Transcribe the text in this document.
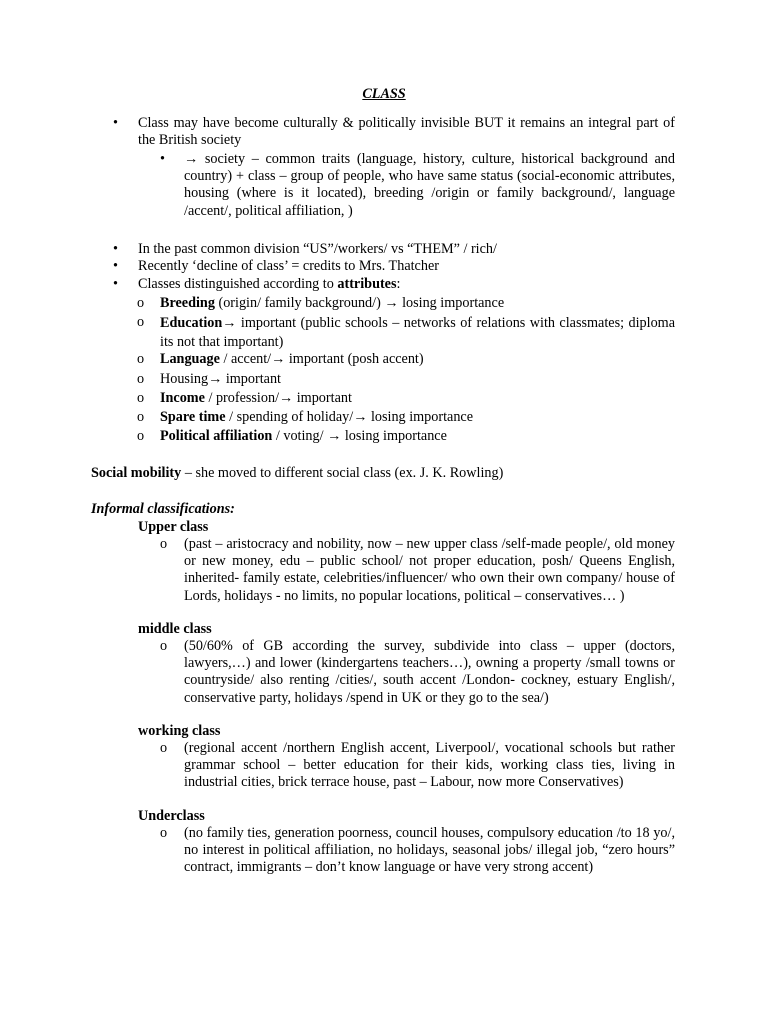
CLASS
• Class may have become culturally & politically invisible BUT it remains an integral part of the British society
• → society – common traits (language, history, culture, historical background and country) + class – group of people, who have same status (social-economic attributes, housing (where is it located), breeding /origin or family background/, language /accent/, political affiliation, )
• In the past common division “US”/workers/ vs “THEM” / rich/
• Recently ‘decline of class’ = credits to Mrs. Thatcher
• Classes distinguished according to attributes:
o Breeding (origin/ family background/) → losing importance
o Education→ important (public schools – networks of relations with classmates; diploma its not that important)
o Language / accent/→ important (posh accent)
o Housing→ important
o Income / profession/→ important
o Spare time / spending of holiday/→ losing importance
o Political affiliation / voting/ → losing importance
Social mobility – she moved to different social class (ex. J. K. Rowling)
Informal classifications:
Upper class
o (past – aristocracy and nobility, now – new upper class /self-made people/, old money or new money, edu – public school/ not proper education, posh/ Queens English, inherited- family estate, celebrities/influencer/ who own their own company/ house of Lords, holidays - no limits, no popular locations, political – conservatives… )
middle class
o (50/60% of GB according the survey, subdivide into class – upper (doctors, lawyers,…) and lower (kindergartens teachers…), owning a property /small towns or countryside/ also renting /cities/, south accent /London- cockney, estuary English/, conservative party, holidays /spend in UK or they go to the sea/)
working class
o (regional accent /northern English accent, Liverpool/, vocational schools but rather grammar school – better education for their kids, working class ties, living in industrial cities, brick terrace house, past – Labour, now more Conservatives)
Underclass
o (no family ties, generation poorness, council houses, compulsory education /to 18 yo/, no interest in political affiliation, no holidays, seasonal jobs/ illegal job, “zero hours” contract, immigrants – don’t know language or have very strong accent)
